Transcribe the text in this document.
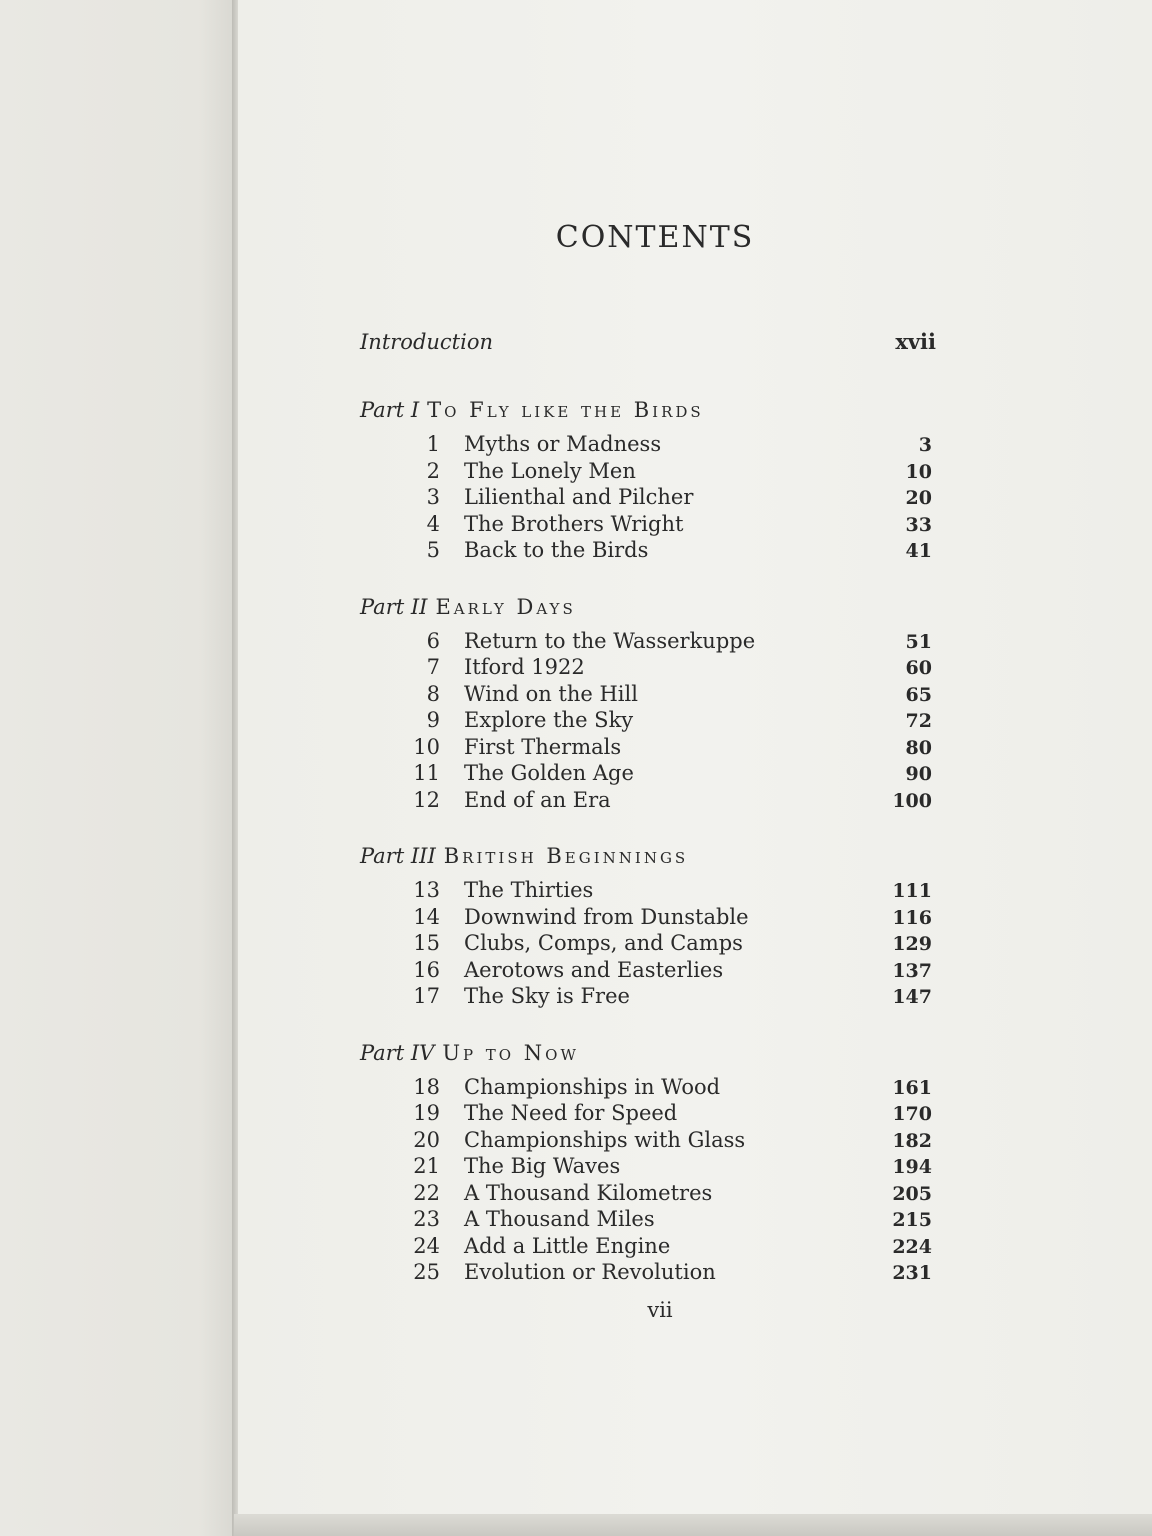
CONTENTS
Introduction	xvii
Part I To Fly like the Birds
1	Myths or Madness	3
2	The Lonely Men	10
3	Lilienthal and Pilcher	20
4	The Brothers Wright	33
5	Back to the Birds	41
Part II Early Days
6	Return to the Wasserkuppe	51
7	Itford 1922	60
8	Wind on the Hill	65
9	Explore the Sky	72
10	First Thermals	80
11	The Golden Age	90
12	End of an Era	100
Part III British Beginnings
13	The Thirties	111
14	Downwind from Dunstable	116
15	Clubs, Comps, and Camps	129
16	Aerotows and Easterlies	137
17	The Sky is Free	147
Part IV Up to Now
18	Championships in Wood	161
19	The Need for Speed	170
20	Championships with Glass	182
21	The Big Waves	194
22	A Thousand Kilometres	205
23	A Thousand Miles	215
24	Add a Little Engine	224
25	Evolution or Revolution	231
vii
